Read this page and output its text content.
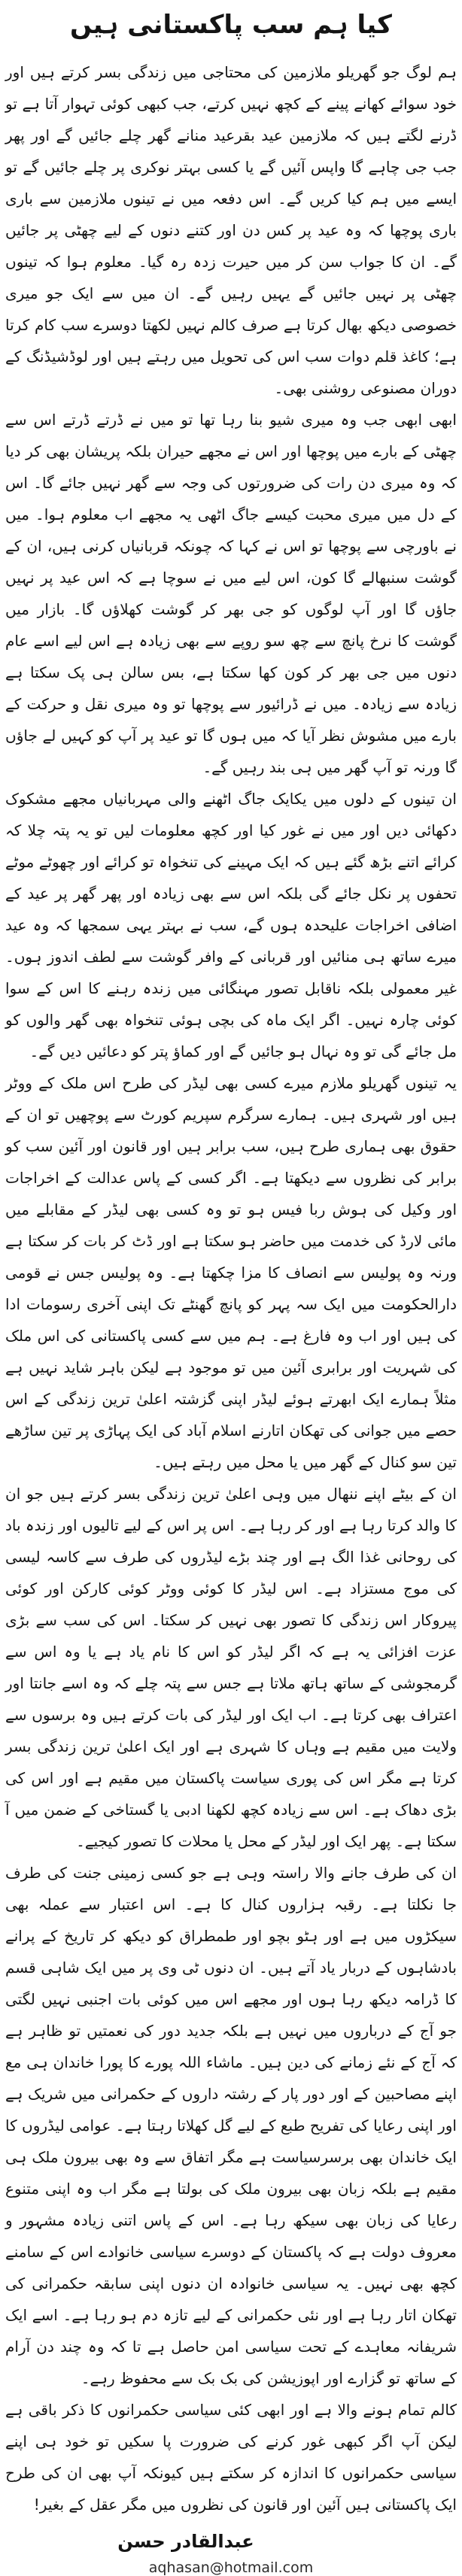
کیا ہم سب پاکستانی ہیں

ہم لوگ جو گھریلو ملازمین کی محتاجی میں زندگی بسر کرتے ہیں اور خود سوائے کھانے پینے کے کچھ نہیں کرتے، جب کبھی کوئی تہوار آتا ہے تو ڈرنے لگتے ہیں کہ ملازمین عید بقرعید منانے گھر چلے جائیں گے اور پھر جب جی چاہے گا واپس آئیں گے یا کسی بہتر نوکری پر چلے جائیں گے تو ایسے میں ہم کیا کریں گے۔ اس دفعہ میں نے تینوں ملازمین سے باری باری پوچھا کہ وہ عید پر کس دن اور کتنے دنوں کے لیے چھٹی پر جائیں گے۔ ان کا جواب سن کر میں حیرت زدہ رہ گیا۔ معلوم ہوا کہ تینوں چھٹی پر نہیں جائیں گے یہیں رہیں گے۔ ان میں سے ایک جو میری خصوصی دیکھ بھال کرتا ہے صرف کالم نہیں لکھتا دوسرے سب کام کرتا ہے؛ کاغذ قلم دوات سب اس کی تحویل میں رہتے ہیں اور لوڈشیڈنگ کے دوران مصنوعی روشنی بھی۔

ابھی ابھی جب وہ میری شیو بنا رہا تھا تو میں نے ڈرتے ڈرتے اس سے چھٹی کے بارے میں پوچھا اور اس نے مجھے حیران بلکہ پریشان بھی کر دیا کہ وہ میری دن رات کی ضرورتوں کی وجہ سے گھر نہیں جائے گا۔ اس کے دل میں میری محبت کیسے جاگ اٹھی یہ مجھے اب معلوم ہوا۔ میں نے باورچی سے پوچھا تو اس نے کہا کہ چونکہ قربانیاں کرنی ہیں، ان کے گوشت سنبھالے گا کون، اس لیے میں نے سوچا ہے کہ اس عید پر نہیں جاؤں گا اور آپ لوگوں کو جی بھر کر گوشت کھلاؤں گا۔ بازار میں گوشت کا نرخ پانچ سے چھ سو روپے سے بھی زیادہ ہے اس لیے اسے عام دنوں میں جی بھر کر کون کھا سکتا ہے، بس سالن ہی پک سکتا ہے زیادہ سے زیادہ۔ میں نے ڈرائیور سے پوچھا تو وہ میری نقل و حرکت کے بارے میں مشوش نظر آیا کہ میں ہوں گا تو عید پر آپ کو کہیں لے جاؤں گا ورنہ تو آپ گھر میں ہی بند رہیں گے۔

ان تینوں کے دلوں میں یکایک جاگ اٹھنے والی مہربانیاں مجھے مشکوک دکھائی دیں اور میں نے غور کیا اور کچھ معلومات لیں تو یہ پتہ چلا کہ کرائے اتنے بڑھ گئے ہیں کہ ایک مہینے کی تنخواہ تو کرائے اور چھوٹے موٹے تحفوں پر نکل جائے گی بلکہ اس سے بھی زیادہ اور پھر گھر پر عید کے اضافی اخراجات علیحدہ ہوں گے، سب نے بہتر یہی سمجھا کہ وہ عید میرے ساتھ ہی منائیں اور قربانی کے وافر گوشت سے لطف اندوز ہوں۔ غیر معمولی بلکہ ناقابل تصور مہنگائی میں زندہ رہنے کا اس کے سوا کوئی چارہ نہیں۔ اگر ایک ماہ کی بچی ہوئی تنخواہ بھی گھر والوں کو مل جائے گی تو وہ نہال ہو جائیں گے اور کماؤ پتر کو دعائیں دیں گے۔

یہ تینوں گھریلو ملازم میرے کسی بھی لیڈر کی طرح اس ملک کے ووٹر ہیں اور شہری ہیں۔ ہمارے سرگرم سپریم کورٹ سے پوچھیں تو ان کے حقوق بھی ہماری طرح ہیں، سب برابر ہیں اور قانون اور آئین سب کو برابر کی نظروں سے دیکھتا ہے۔ اگر کسی کے پاس عدالت کے اخراجات اور وکیل کی ہوش ربا فیس ہو تو وہ کسی بھی لیڈر کے مقابلے میں مائی لارڈ کی خدمت میں حاضر ہو سکتا ہے اور ڈٹ کر بات کر سکتا ہے ورنہ وہ پولیس سے انصاف کا مزا چکھتا ہے۔ وہ پولیس جس نے قومی دارالحکومت میں ایک سہ پہر کو پانچ گھنٹے تک اپنی آخری رسومات ادا کی ہیں اور اب وہ فارغ ہے۔ ہم میں سے کسی پاکستانی کی اس ملک کی شہریت اور برابری آئین میں تو موجود ہے لیکن باہر شاید نہیں ہے مثلاً ہمارے ایک ابھرتے ہوئے لیڈر اپنی گزشتہ اعلیٰ ترین زندگی کے اس حصے میں جوانی کی تھکان اتارنے اسلام آباد کی ایک پہاڑی پر تین ساڑھے تین سو کنال کے گھر میں یا محل میں رہتے ہیں۔

ان کے بیٹے اپنے ننھال میں وہی اعلیٰ ترین زندگی بسر کرتے ہیں جو ان کا والد کرتا رہا ہے اور کر رہا ہے۔ اس پر اس کے لیے تالیوں اور زندہ باد کی روحانی غذا الگ ہے اور چند بڑے لیڈروں کی طرف سے کاسہ لیسی کی موج مستزاد ہے۔ اس لیڈر کا کوئی ووٹر کوئی کارکن اور کوئی پیروکار اس زندگی کا تصور بھی نہیں کر سکتا۔ اس کی سب سے بڑی عزت افزائی یہ ہے کہ اگر لیڈر کو اس کا نام یاد ہے یا وہ اس سے گرمجوشی کے ساتھ ہاتھ ملاتا ہے جس سے پتہ چلے کہ وہ اسے جانتا اور اعتراف بھی کرتا ہے۔ اب ایک اور لیڈر کی بات کرتے ہیں وہ برسوں سے ولایت میں مقیم ہے وہاں کا شہری ہے اور ایک اعلیٰ ترین زندگی بسر کرتا ہے مگر اس کی پوری سیاست پاکستان میں مقیم ہے اور اس کی بڑی دھاک ہے۔ اس سے زیادہ کچھ لکھنا ادبی یا گستاخی کے ضمن میں آ سکتا ہے۔ پھر ایک اور لیڈر کے محل یا محلات کا تصور کیجیے۔

ان کی طرف جانے والا راستہ وہی ہے جو کسی زمینی جنت کی طرف جا نکلتا ہے۔ رقبہ ہزاروں کنال کا ہے۔ اس اعتبار سے عملہ بھی سیکڑوں میں ہے اور ہٹو بچو اور طمطراق کو دیکھ کر تاریخ کے پرانے بادشاہوں کے دربار یاد آتے ہیں۔ ان دنوں ٹی وی پر میں ایک شاہی قسم کا ڈرامہ دیکھ رہا ہوں اور مجھے اس میں کوئی بات اجنبی نہیں لگتی جو آج کے درباروں میں نہیں ہے بلکہ جدید دور کی نعمتیں تو ظاہر ہے کہ آج کے نئے زمانے کی دین ہیں۔ ماشاء اللہ پورے کا پورا خاندان ہی مع اپنے مصاحبین کے اور دور پار کے رشتہ داروں کے حکمرانی میں شریک ہے اور اپنی رعایا کی تفریح طبع کے لیے گل کھلاتا رہتا ہے۔ عوامی لیڈروں کا ایک خاندان بھی برسرسیاست ہے مگر اتفاق سے وہ بھی بیرون ملک ہی مقیم ہے بلکہ زبان بھی بیرون ملک کی بولتا ہے مگر اب وہ اپنی متنوع رعایا کی زبان بھی سیکھ رہا ہے۔ اس کے پاس اتنی زیادہ مشہور و معروف دولت ہے کہ پاکستان کے دوسرے سیاسی خانوادے اس کے سامنے کچھ بھی نہیں۔ یہ سیاسی خانوادہ ان دنوں اپنی سابقہ حکمرانی کی تھکان اتار رہا ہے اور نئی حکمرانی کے لیے تازہ دم ہو رہا ہے۔ اسے ایک شریفانہ معاہدے کے تحت سیاسی امن حاصل ہے تا کہ وہ چند دن آرام کے ساتھ تو گزارے اور اپوزیشن کی بک بک سے محفوظ رہے۔

کالم تمام ہونے والا ہے اور ابھی کئی سیاسی حکمرانوں کا ذکر باقی ہے لیکن آپ اگر کبھی غور کرنے کی ضرورت پا سکیں تو خود ہی اپنے سیاسی حکمرانوں کا اندازہ کر سکتے ہیں کیونکہ آپ بھی ان کی طرح ایک پاکستانی ہیں آئین اور قانون کی نظروں میں مگر عقل کے بغیر!

عبدالقادر حسن
aqhasan@hotmail.com
